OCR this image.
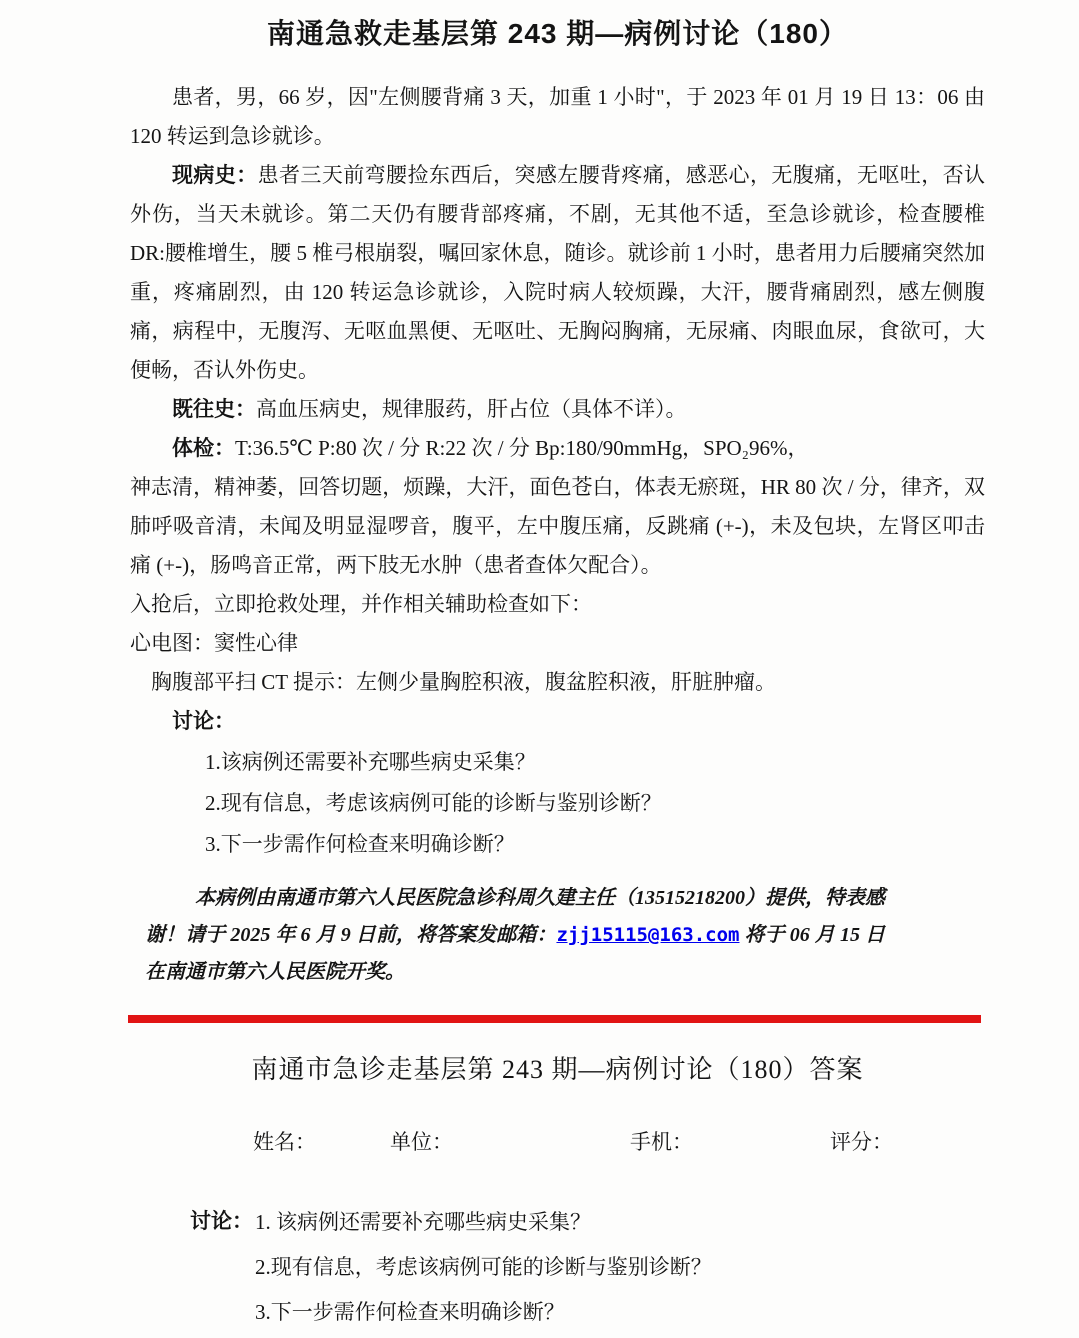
南通急救走基层第 243 期—病例讨论（180）

患者，男，66 岁，因"左侧腰背痛 3 天，加重 1 小时"，于 2023 年 01 月 19 日 13：06 由 120 转运到急诊就诊。

现病史：患者三天前弯腰捡东西后，突感左腰背疼痛，感恶心，无腹痛，无呕吐，否认外伤，当天未就诊。第二天仍有腰背部疼痛，不剧，无其他不适，至急诊就诊，检查腰椎 DR:腰椎增生，腰 5 椎弓根崩裂，嘱回家休息，随诊。就诊前 1 小时，患者用力后腰痛突然加重，疼痛剧烈，由 120 转运急诊就诊，入院时病人较烦躁，大汗，腰背痛剧烈，感左侧腹痛，病程中，无腹泻、无呕血黑便、无呕吐、无胸闷胸痛，无尿痛、肉眼血尿，食欲可，大便畅，否认外伤史。

既往史：高血压病史，规律服药，肝占位（具体不详）。

体检：T:36.5℃ P:80 次 / 分 R:22 次 / 分 Bp:180/90mmHg，SPO₂96%，
神志清，精神萎，回答切题，烦躁，大汗，面色苍白，体表无瘀斑，HR 80 次 / 分，律齐，双肺呼吸音清，未闻及明显湿啰音，腹平，左中腹压痛，反跳痛 (+-)，未及包块，左肾区叩击痛 (+-)，肠鸣音正常，两下肢无水肿（患者查体欠配合）。

入抢后，立即抢救处理，并作相关辅助检查如下：

心电图：窦性心律

胸腹部平扫 CT 提示：左侧少量胸腔积液，腹盆腔积液，肝脏肿瘤。

讨论：

1.该病例还需要补充哪些病史采集？

2.现有信息，考虑该病例可能的诊断与鉴别诊断？

3.下一步需作何检查来明确诊断？

本病例由南通市第六人民医院急诊科周久建主任（13515218200）提供，特表感谢！请于 2025 年 6 月 9 日前，将答案发邮箱：zjj15115@163.com 将于 06 月 15 日在南通市第六人民医院开奖。

南通市急诊走基层第 243 期—病例讨论（180）答案
姓名：	单位：	手机：	评分：
讨论： 1. 该病例还需要补充哪些病史采集？

2.现有信息，考虑该病例可能的诊断与鉴别诊断？

3.下一步需作何检查来明确诊断？
